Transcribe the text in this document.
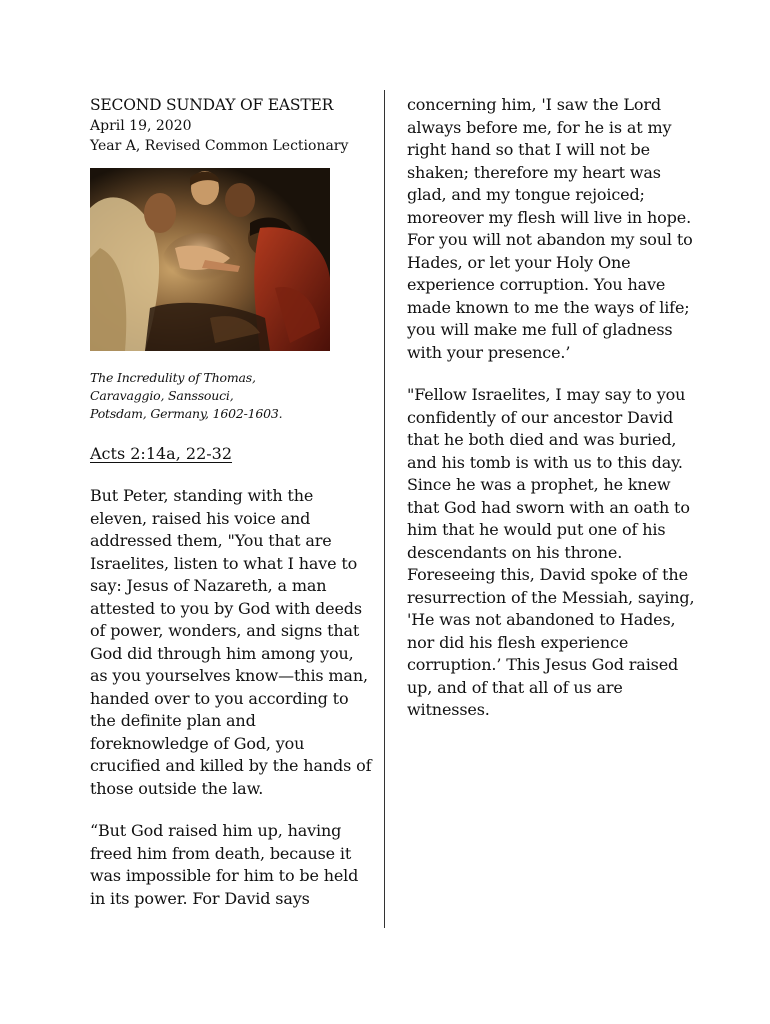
SECOND SUNDAY OF EASTER

April 19, 2020

Year A, Revised Common Lectionary

The Incredulity of Thomas,
Caravaggio, Sanssouci,
Potsdam, Germany, 1602-1603.
Acts 2:14a, 22-32

But Peter, standing with the eleven, raised his voice and addressed them, "You that are Israelites, listen to what I have to say: Jesus of Nazareth, a man attested to you by God with deeds of power, wonders, and signs that God did through him among you, as you yourselves know—this man, handed over to you according to the definite plan and foreknowledge of God, you crucified and killed by the hands of those outside the law.

“But God raised him up, having freed him from death, because it was impossible for him to be held in its power. For David says

concerning him, 'I saw the Lord always before me, for he is at my right hand so that I will not be shaken; therefore my heart was glad, and my tongue rejoiced; moreover my flesh will live in hope. For you will not abandon my soul to Hades, or let your Holy One experience corruption. You have made known to me the ways of life; you will make me full of gladness with your presence.’

"Fellow Israelites, I may say to you confidently of our ancestor David that he both died and was buried, and his tomb is with us to this day. Since he was a prophet, he knew that God had sworn with an oath to him that he would put one of his descendants on his throne. Foreseeing this, David spoke of the resurrection of the Messiah, saying, 'He was not abandoned to Hades, nor did his flesh experience corruption.’ This Jesus God raised up, and of that all of us are witnesses.
